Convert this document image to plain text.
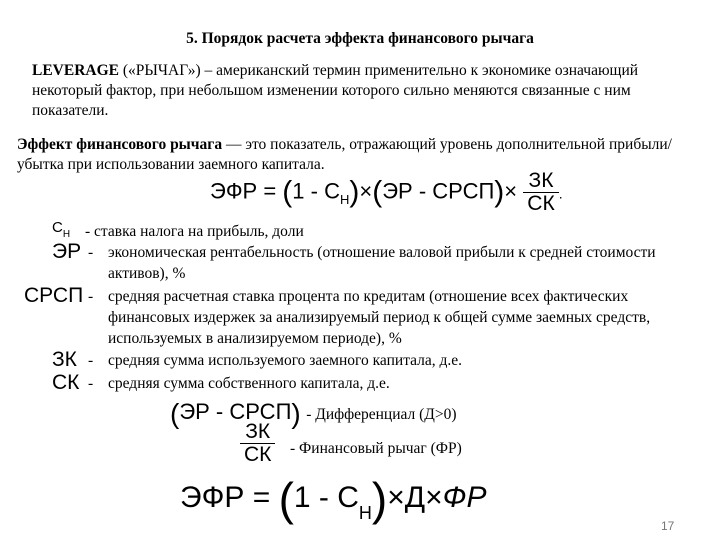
5. Порядок расчета эффекта финансового рычага
LEVERAGE («РЫЧАГ») – американский термин применительно к экономике означающий некоторый фактор, при небольшом изменении которого сильно меняются связанные с ним показатели.
Эффект финансового рычага — это показатель, отражающий уровень дополнительной прибыли/убытка при использовании заемного капитала.
ЭФР = $(1 - С_Н)\times(ЭР$ - СРСП)× $\frac{ЗК}{СК}$ .
$С_Н$ - ставка налога на прибыль, доли
ЭР - экономическая рентабельность (отношение валовой прибыли к средней стоимости активов), %
СРСП - средняя расчетная ставка процента по кредитам (отношение всех фактических финансовых издержек за анализируемый период к общей сумме заемных средств, используемых в анализируемом периоде), %
ЗК - средняя сумма используемого заемного капитала, д.е.
СК - средняя сумма собственного капитала, д.е.
(ЭР - СРСП) - Дифференциал (Д>0)
$\frac{ЗК}{СК}$ - Финансовый рычаг (ФР)
ЭФР = $(1 - С_Н)\times Д\times ФР$
17
